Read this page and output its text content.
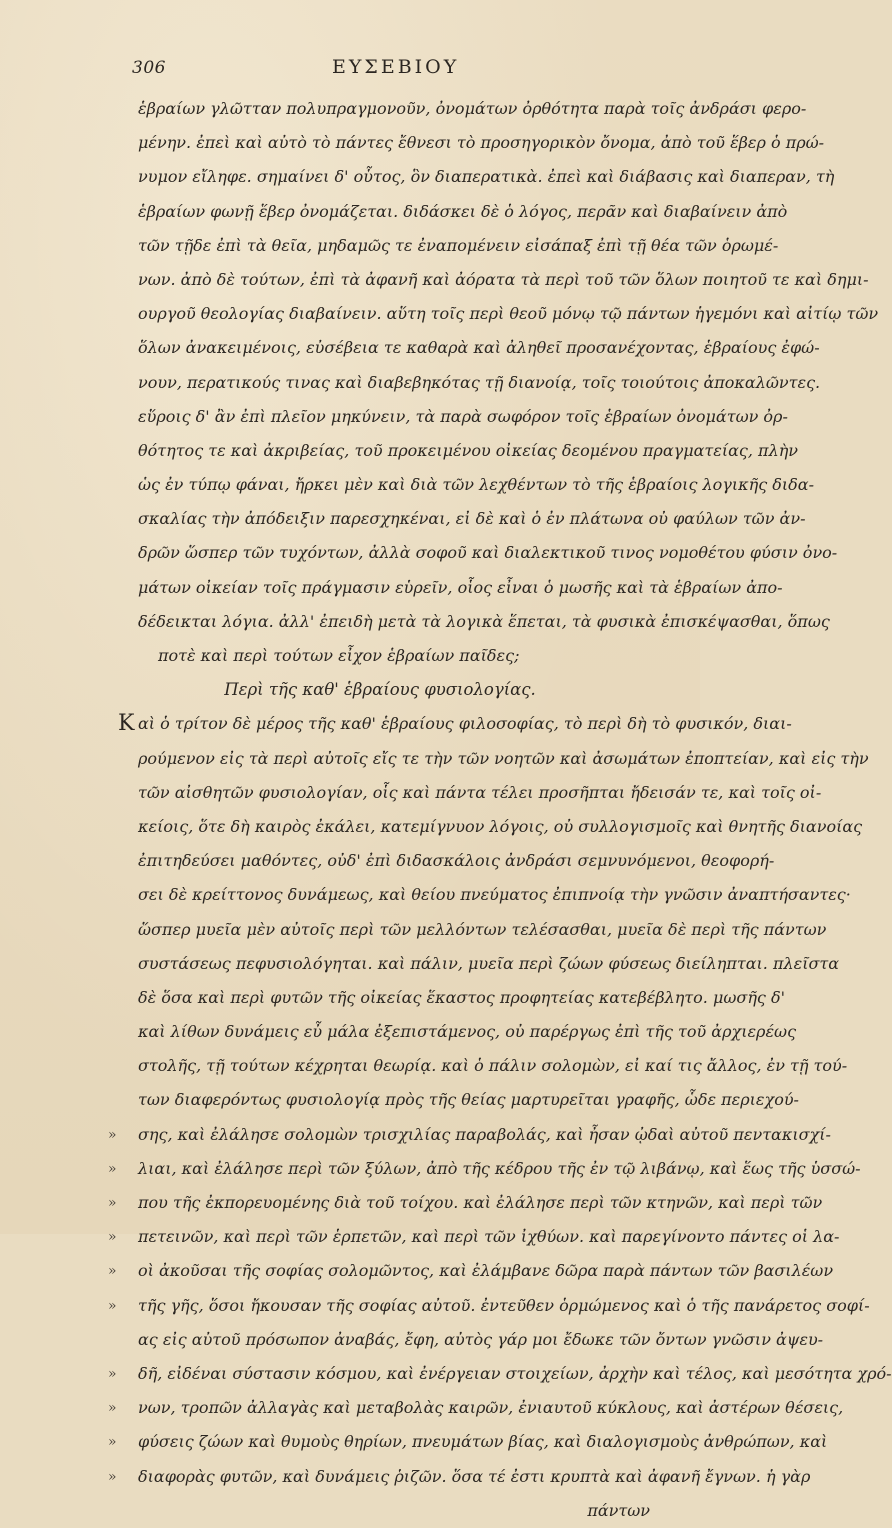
306	ΕΥΣΕΒΙΟΥ
ἑβραίων γλῶτταν πολυπραγμονοῦν, ὀνομάτων ὀρθότητα παρὰ τοῖς ἀνδράσι φερο-
μένην. ἐπεὶ καὶ αὐτὸ τὸ πάντες ἔθνεσι τὸ προσηγορικὸν ὄνομα, ἀπὸ τοῦ ἕβερ ὁ πρώ-
νυμον εἴληφε. σημαίνει δ' οὗτος, ὃν διαπερατικὰ. ἐπεὶ καὶ διάβασις καὶ διαπεραν, τὴ
ἑβραίων φωνῇ ἕβερ ὀνομάζεται. διδάσκει δὲ ὁ λόγος, περᾶν καὶ διαβαίνειν ἀπὸ
τῶν τῇδε ἐπὶ τὰ θεῖα, μηδαμῶς τε ἐναπομένειν εἰσάπαξ ἐπὶ τῇ θέα τῶν ὁρωμέ-
νων. ἀπὸ δὲ τούτων, ἐπὶ τὰ ἀφανῆ καὶ ἀόρατα τὰ περὶ τοῦ τῶν ὅλων ποιητοῦ τε καὶ δημι-
ουργοῦ θεολογίας διαβαίνειν. αὕτη τοῖς περὶ θεοῦ μόνῳ τῷ πάντων ἡγεμόνι καὶ αἰτίῳ τῶν
ὅλων ἀνακειμένοις, εὐσέβεια τε καθαρὰ καὶ ἀληθεῖ προσανέχοντας, ἑβραίους ἐφώ-
νουν, περατικούς τινας καὶ διαβεβηκότας τῇ διανοίᾳ, τοῖς τοιούτοις ἀποκαλῶντες.
εὕροις δ' ἂν ἐπὶ πλεῖον μηκύνειν, τὰ παρὰ σωφόρον τοῖς ἑβραίων ὀνομάτων ὀρ-
θότητος τε καὶ ἀκριβείας, τοῦ προκειμένου οἰκείας δεομένου πραγματείας, πλὴν
ὡς ἐν τύπῳ φάναι, ἤρκει μὲν καὶ διὰ τῶν λεχθέντων τὸ τῆς ἑβραίοις λογικῆς διδα-
σκαλίας τὴν ἀπόδειξιν παρεσχηκέναι, εἰ δὲ καὶ ὁ ἐν πλάτωνα οὐ φαύλων τῶν ἀν-
δρῶν ὥσπερ τῶν τυχόντων, ἀλλὰ σοφοῦ καὶ διαλεκτικοῦ τινος νομοθέτου φύσιν ὀνο-
μάτων οἰκείαν τοῖς πράγμασιν εὑρεῖν, οἷος εἶναι ὁ μωσῆς καὶ τὰ ἑβραίων ἀπο-
δέδεικται λόγια. ἀλλ' ἐπειδὴ μετὰ τὰ λογικὰ ἕπεται, τὰ φυσικὰ ἐπισκέψασθαι, ὅπως
ποτὲ καὶ περὶ τούτων εἶχον ἑβραίων παῖδες;
Περὶ τῆς καθ' ἑβραίους φυσιολογίας.
Κ αὶ ὁ τρίτον δὲ μέρος τῆς καθ' ἑβραίους φιλοσοφίας, τὸ περὶ δὴ τὸ φυσικόν, διαι-
ρούμενον εἰς τὰ περὶ αὐτοῖς εἴς τε τὴν τῶν νοητῶν καὶ ἀσωμάτων ἐποπτείαν, καὶ εἰς τὴν
τῶν αἰσθητῶν φυσιολογίαν, οἷς καὶ πάντα τέλει προσῆπται ἤδεισάν τε, καὶ τοῖς οἰ-
κείοις, ὅτε δὴ καιρὸς ἐκάλει, κατεμίγνυον λόγοις, οὐ συλλογισμοῖς καὶ θνητῆς διανοίας
ἐπιτηδεύσει μαθόντες, οὐδ' ἐπὶ διδασκάλοις ἀνδράσι σεμνυνόμενοι, θεοφορή-
σει δὲ κρείττονος δυνάμεως, καὶ θείου πνεύματος ἐπιπνοίᾳ τὴν γνῶσιν ἀναπτήσαντες·
ὥσπερ μυεῖα μὲν αὐτοῖς περὶ τῶν μελλόντων τελέσασθαι, μυεῖα δὲ περὶ τῆς πάντων
συστάσεως πεφυσιολόγηται. καὶ πάλιν, μυεῖα περὶ ζώων φύσεως διείληπται. πλεῖστα
δὲ ὅσα καὶ περὶ φυτῶν τῆς οἰκείας ἕκαστος προφητείας κατεβέβλητο. μωσῆς δ'
καὶ λίθων δυνάμεις εὖ μάλα ἐξεπιστάμενος, οὐ παρέργως ἐπὶ τῆς τοῦ ἀρχιερέως
στολῆς, τῇ τούτων κέχρηται θεωρίᾳ. καὶ ὁ πάλιν σολομὼν, εἰ καί τις ἄλλος, ἐν τῇ τού-
των διαφερόντως φυσιολογίᾳ πρὸς τῆς θείας μαρτυρεῖται γραφῆς, ὧδε περιεχού-
» σης, καὶ ἐλάλησε σολομὼν τρισχιλίας παραβολάς, καὶ ἦσαν ᾠδαὶ αὐτοῦ πεντακισχί-
» λιαι, καὶ ἐλάλησε περὶ τῶν ξύλων, ἀπὸ τῆς κέδρου τῆς ἐν τῷ λιβάνῳ, καὶ ἕως τῆς ὑσσώ-
» που τῆς ἐκπορευομένης διὰ τοῦ τοίχου. καὶ ἐλάλησε περὶ τῶν κτηνῶν, καὶ περὶ τῶν
» πετεινῶν, καὶ περὶ τῶν ἑρπετῶν, καὶ περὶ τῶν ἰχθύων. καὶ παρεγίνοντο πάντες οἱ λα-
» οὶ ἀκοῦσαι τῆς σοφίας σολομῶντος, καὶ ἐλάμβανε δῶρα παρὰ πάντων τῶν βασιλέων
» τῆς γῆς, ὅσοι ἤκουσαν τῆς σοφίας αὐτοῦ. ἐντεῦθεν ὁρμώμενος καὶ ὁ τῆς πανάρετος σοφί-
ας εἰς αὐτοῦ πρόσωπον ἀναβάς, ἔφη, αὐτὸς γάρ μοι ἔδωκε τῶν ὄντων γνῶσιν ἀψευ-
» δῆ, εἰδέναι σύστασιν κόσμου, καὶ ἐνέργειαν στοιχείων, ἀρχὴν καὶ τέλος, καὶ μεσότητα χρό-
» νων, τροπῶν ἀλλαγὰς καὶ μεταβολὰς καιρῶν, ἐνιαυτοῦ κύκλους, καὶ ἀστέρων θέσεις,
» φύσεις ζώων καὶ θυμοὺς θηρίων, πνευμάτων βίας, καὶ διαλογισμοὺς ἀνθρώπων, καὶ
» διαφορὰς φυτῶν, καὶ δυνάμεις ῥιζῶν. ὅσα τέ ἐστι κρυπτὰ καὶ ἀφανῆ ἔγνων. ἡ γὰρ
πάντων
